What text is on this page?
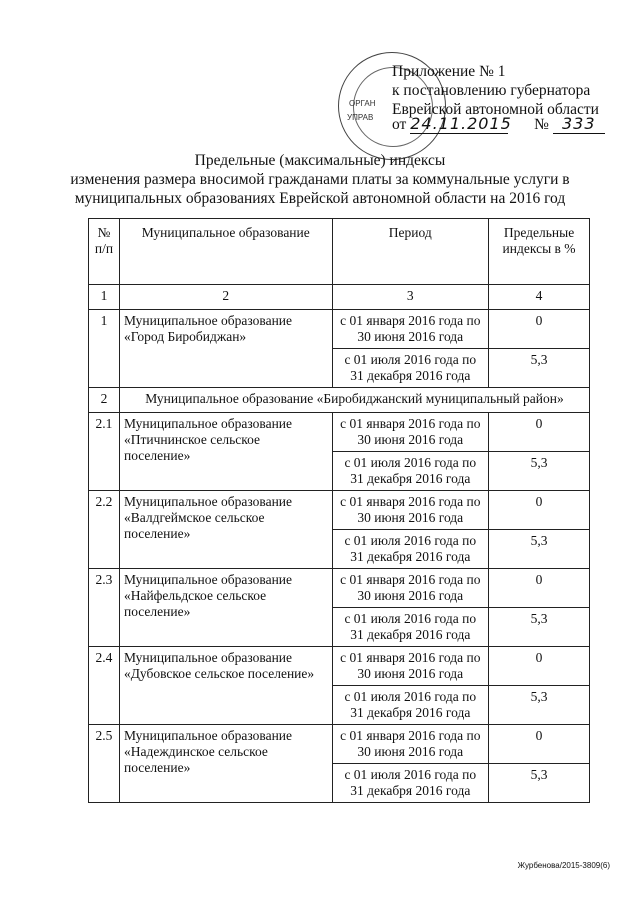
ОРГАН
УПРАВ
Приложение № 1
к постановлению губернатора
Еврейской автономной области
от 24.11.2015 № 333
Предельные (максимальные) индексы
изменения размера вносимой гражданами платы за коммунальные услуги в
муниципальных образованиях Еврейской автономной области на 2016 год
№ п/п	Муниципальное образование	Период	Предельные индексы в %
1	2	3	4
1	Муниципальное образование «Город Биробиджан»	с 01 января 2016 года по 30 июня 2016 года	0
		с 01 июля 2016 года по 31 декабря 2016 года	5,3
2	Муниципальное образование «Биробиджанский муниципальный район»		
2.1	Муниципальное образование «Птичнинское сельское поселение»	с 01 января 2016 года по 30 июня 2016 года	0
		с 01 июля 2016 года по 31 декабря 2016 года	5,3
2.2	Муниципальное образование «Валдгеймское сельское поселение»	с 01 января 2016 года по 30 июня 2016 года	0
		с 01 июля 2016 года по 31 декабря 2016 года	5,3
2.3	Муниципальное образование «Найфельдское сельское поселение»	с 01 января 2016 года по 30 июня 2016 года	0
		с 01 июля 2016 года по 31 декабря 2016 года	5,3
2.4	Муниципальное образование «Дубовское сельское поселение»	с 01 января 2016 года по 30 июня 2016 года	0
		с 01 июля 2016 года по 31 декабря 2016 года	5,3
2.5	Муниципальное образование «Надеждинское сельское поселение»	с 01 января 2016 года по 30 июня 2016 года	0
		с 01 июля 2016 года по 31 декабря 2016 года	5,3
Журбенова/2015-3809(6)
